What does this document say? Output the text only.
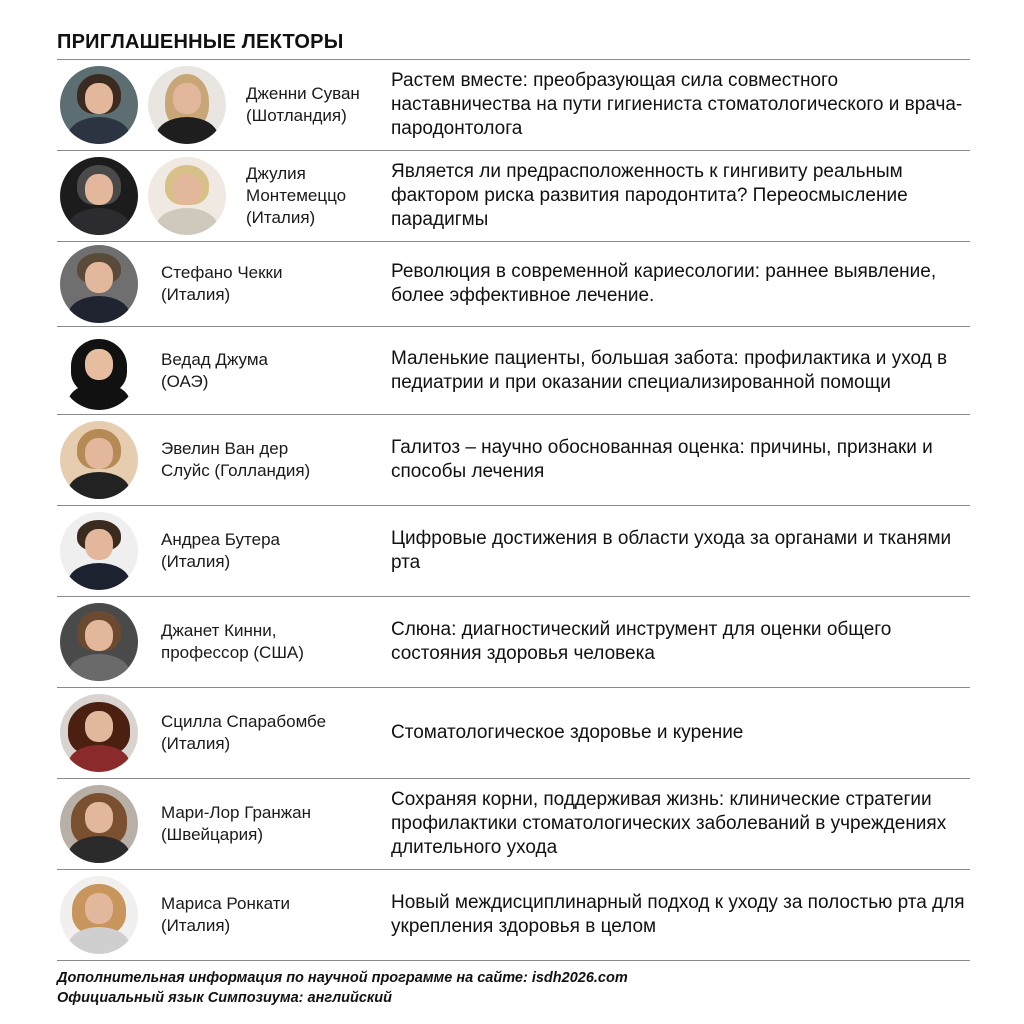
ПРИГЛАШЕННЫЕ ЛЕКТОРЫ
Дженни Суван
(Шотландия)
Растем вместе: преобразующая сила совместного наставничества на пути гигиениста стоматологического и врача-пародонтолога
Джулия
Монтемеццо
(Италия)
Является ли предрасположенность к гингивиту реальным фактором риска развития пародонтита? Переосмысление парадигмы
Стефано Чекки
(Италия)
Революция в современной кариесологии: раннее выявление, более эффективное лечение.
Ведад Джума
(ОАЭ)
Маленькие пациенты, большая забота: профилактика и уход в педиатрии и при оказании специализированной помощи
Эвелин Ван дер
Слуйс (Голландия)
Галитоз – научно обоснованная оценка: причины, признаки и способы лечения
Андреа Бутера
(Италия)
Цифровые достижения в области ухода за органами и тканями рта
Джанет Кинни,
профессор (США)
Слюна: диагностический инструмент для оценки общего состояния здоровья человека
Сцилла Спарабомбе
(Италия)
Стоматологическое здоровье и курение
Мари-Лор Гранжан
(Швейцария)
Сохраняя корни, поддерживая жизнь: клинические стратегии профилактики стоматологических заболеваний в учреждениях длительного ухода
Мариса Ронкати
(Италия)
Новый междисциплинарный подход к уходу за полостью рта для укрепления здоровья в целом
Дополнительная информация по научной программе на сайте: isdh2026.com
Официальный язык Симпозиума: английский
